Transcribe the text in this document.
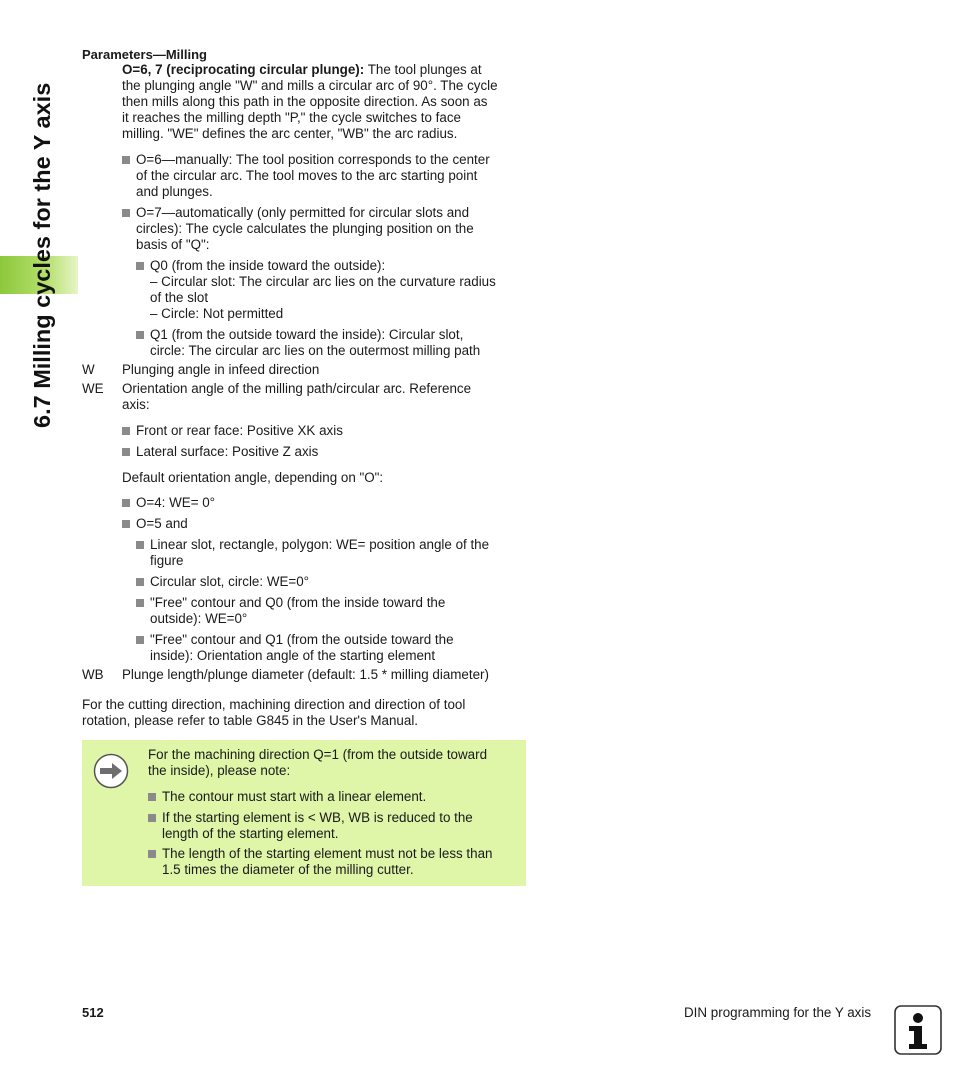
6.7 Milling cycles for the Y axis
Parameters—Milling
O=6, 7 (reciprocating circular plunge): The tool plunges at
the plunging angle "W" and mills a circular arc of 90°. The cycle
then mills along this path in the opposite direction. As soon as
it reaches the milling depth "P," the cycle switches to face
milling. "WE" defines the arc center, "WB" the arc radius.
O=6—manually: The tool position corresponds to the center
of the circular arc. The tool moves to the arc starting point
and plunges.
O=7—automatically (only permitted for circular slots and
circles): The cycle calculates the plunging position on the
basis of "Q":
Q0 (from the inside toward the outside):
– Circular slot: The circular arc lies on the curvature radius
of the slot
– Circle: Not permitted
Q1 (from the outside toward the inside): Circular slot,
circle: The circular arc lies on the outermost milling path
W Plunging angle in infeed direction
WE Orientation angle of the milling path/circular arc. Reference
axis:
Front or rear face: Positive XK axis
Lateral surface: Positive Z axis
Default orientation angle, depending on "O":
O=4: WE= 0°
O=5 and
Linear slot, rectangle, polygon: WE= position angle of the
figure
Circular slot, circle: WE=0°
"Free" contour and Q0 (from the inside toward the
outside): WE=0°
"Free" contour and Q1 (from the outside toward the
inside): Orientation angle of the starting element
WB Plunge length/plunge diameter (default: 1.5 * milling diameter)
For the cutting direction, machining direction and direction of tool
rotation, please refer to table G845 in the User's Manual.
For the machining direction Q=1 (from the outside toward
the inside), please note:
The contour must start with a linear element.
If the starting element is < WB, WB is reduced to the
length of the starting element.
The length of the starting element must not be less than
1.5 times the diameter of the milling cutter.
512	DIN programming for the Y axis
